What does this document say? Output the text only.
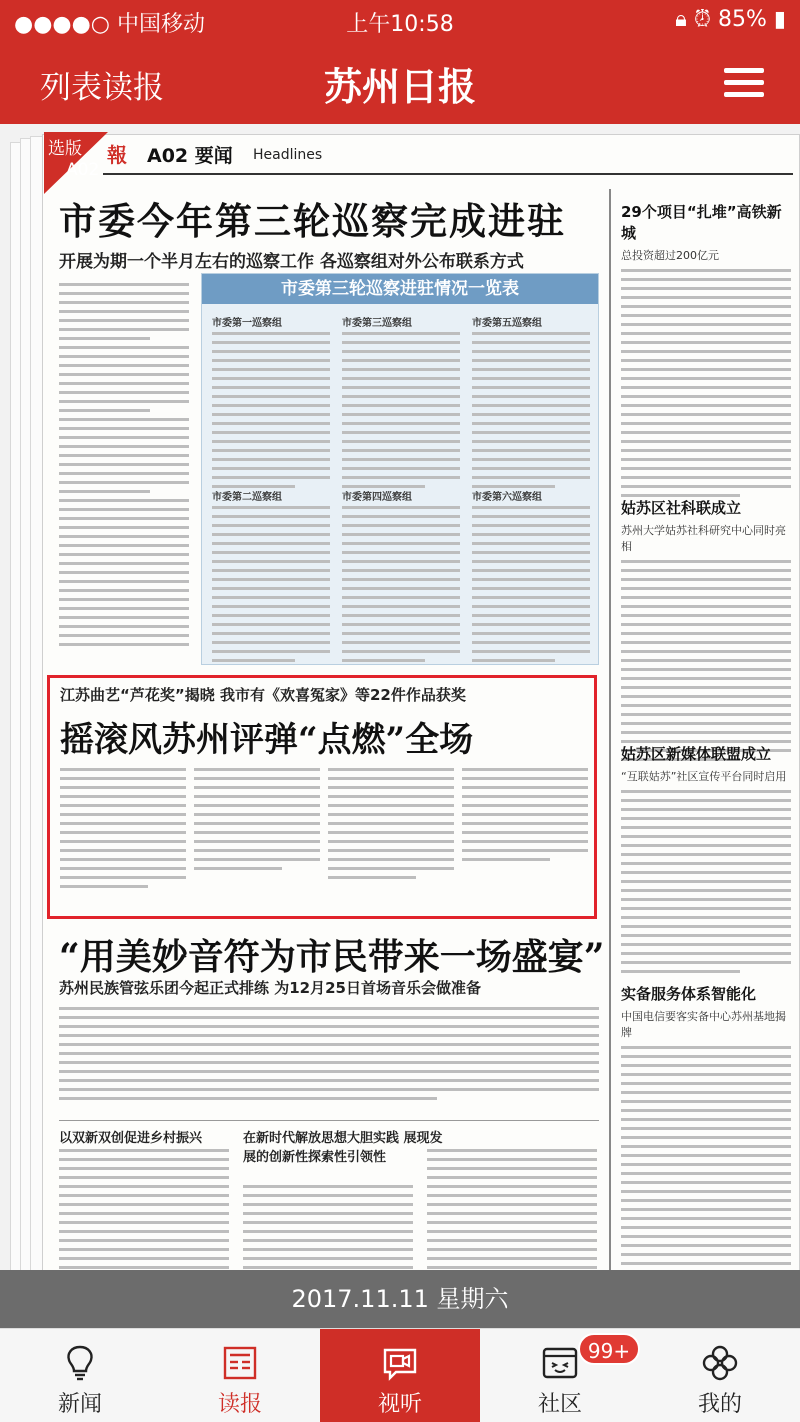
●●●●○ 中国移动	上午10:58	🔒︎ ⏰︎ 85% ▮
列表读报	苏州日报
報 A02 要闻 Headlines
市委今年第三轮巡察完成进驻
开展为期一个半月左右的巡察工作 各巡察组对外公布联系方式
市委第三轮巡察进驻情况一览表
市委第一巡察组	市委第三巡察组	市委第五巡察组
市委第二巡察组	市委第四巡察组	市委第六巡察组
江苏曲艺“芦花奖”揭晓 我市有《欢喜冤家》等22件作品获奖
摇滚风苏州评弹“点燃”全场
“用美妙音符为市民带来一场盛宴”
苏州民族管弦乐团今起正式排练 为12月25日首场音乐会做准备
以双新双创促进乡村振兴	在新时代解放思想大胆实践 展现发展的创新性探索性引领性
29个项目“扎堆”高铁新城
总投资超过200亿元
姑苏区社科联成立
苏州大学姑苏社科研究中心同时亮相
姑苏区新媒体联盟成立
“互联姑苏”社区宣传平台同时启用
实备服务体系智能化
中国电信要客实备中心苏州基地揭牌
选版
A02
2017.11.11 星期六
新闻	读报	视听	社区	我的
99+
